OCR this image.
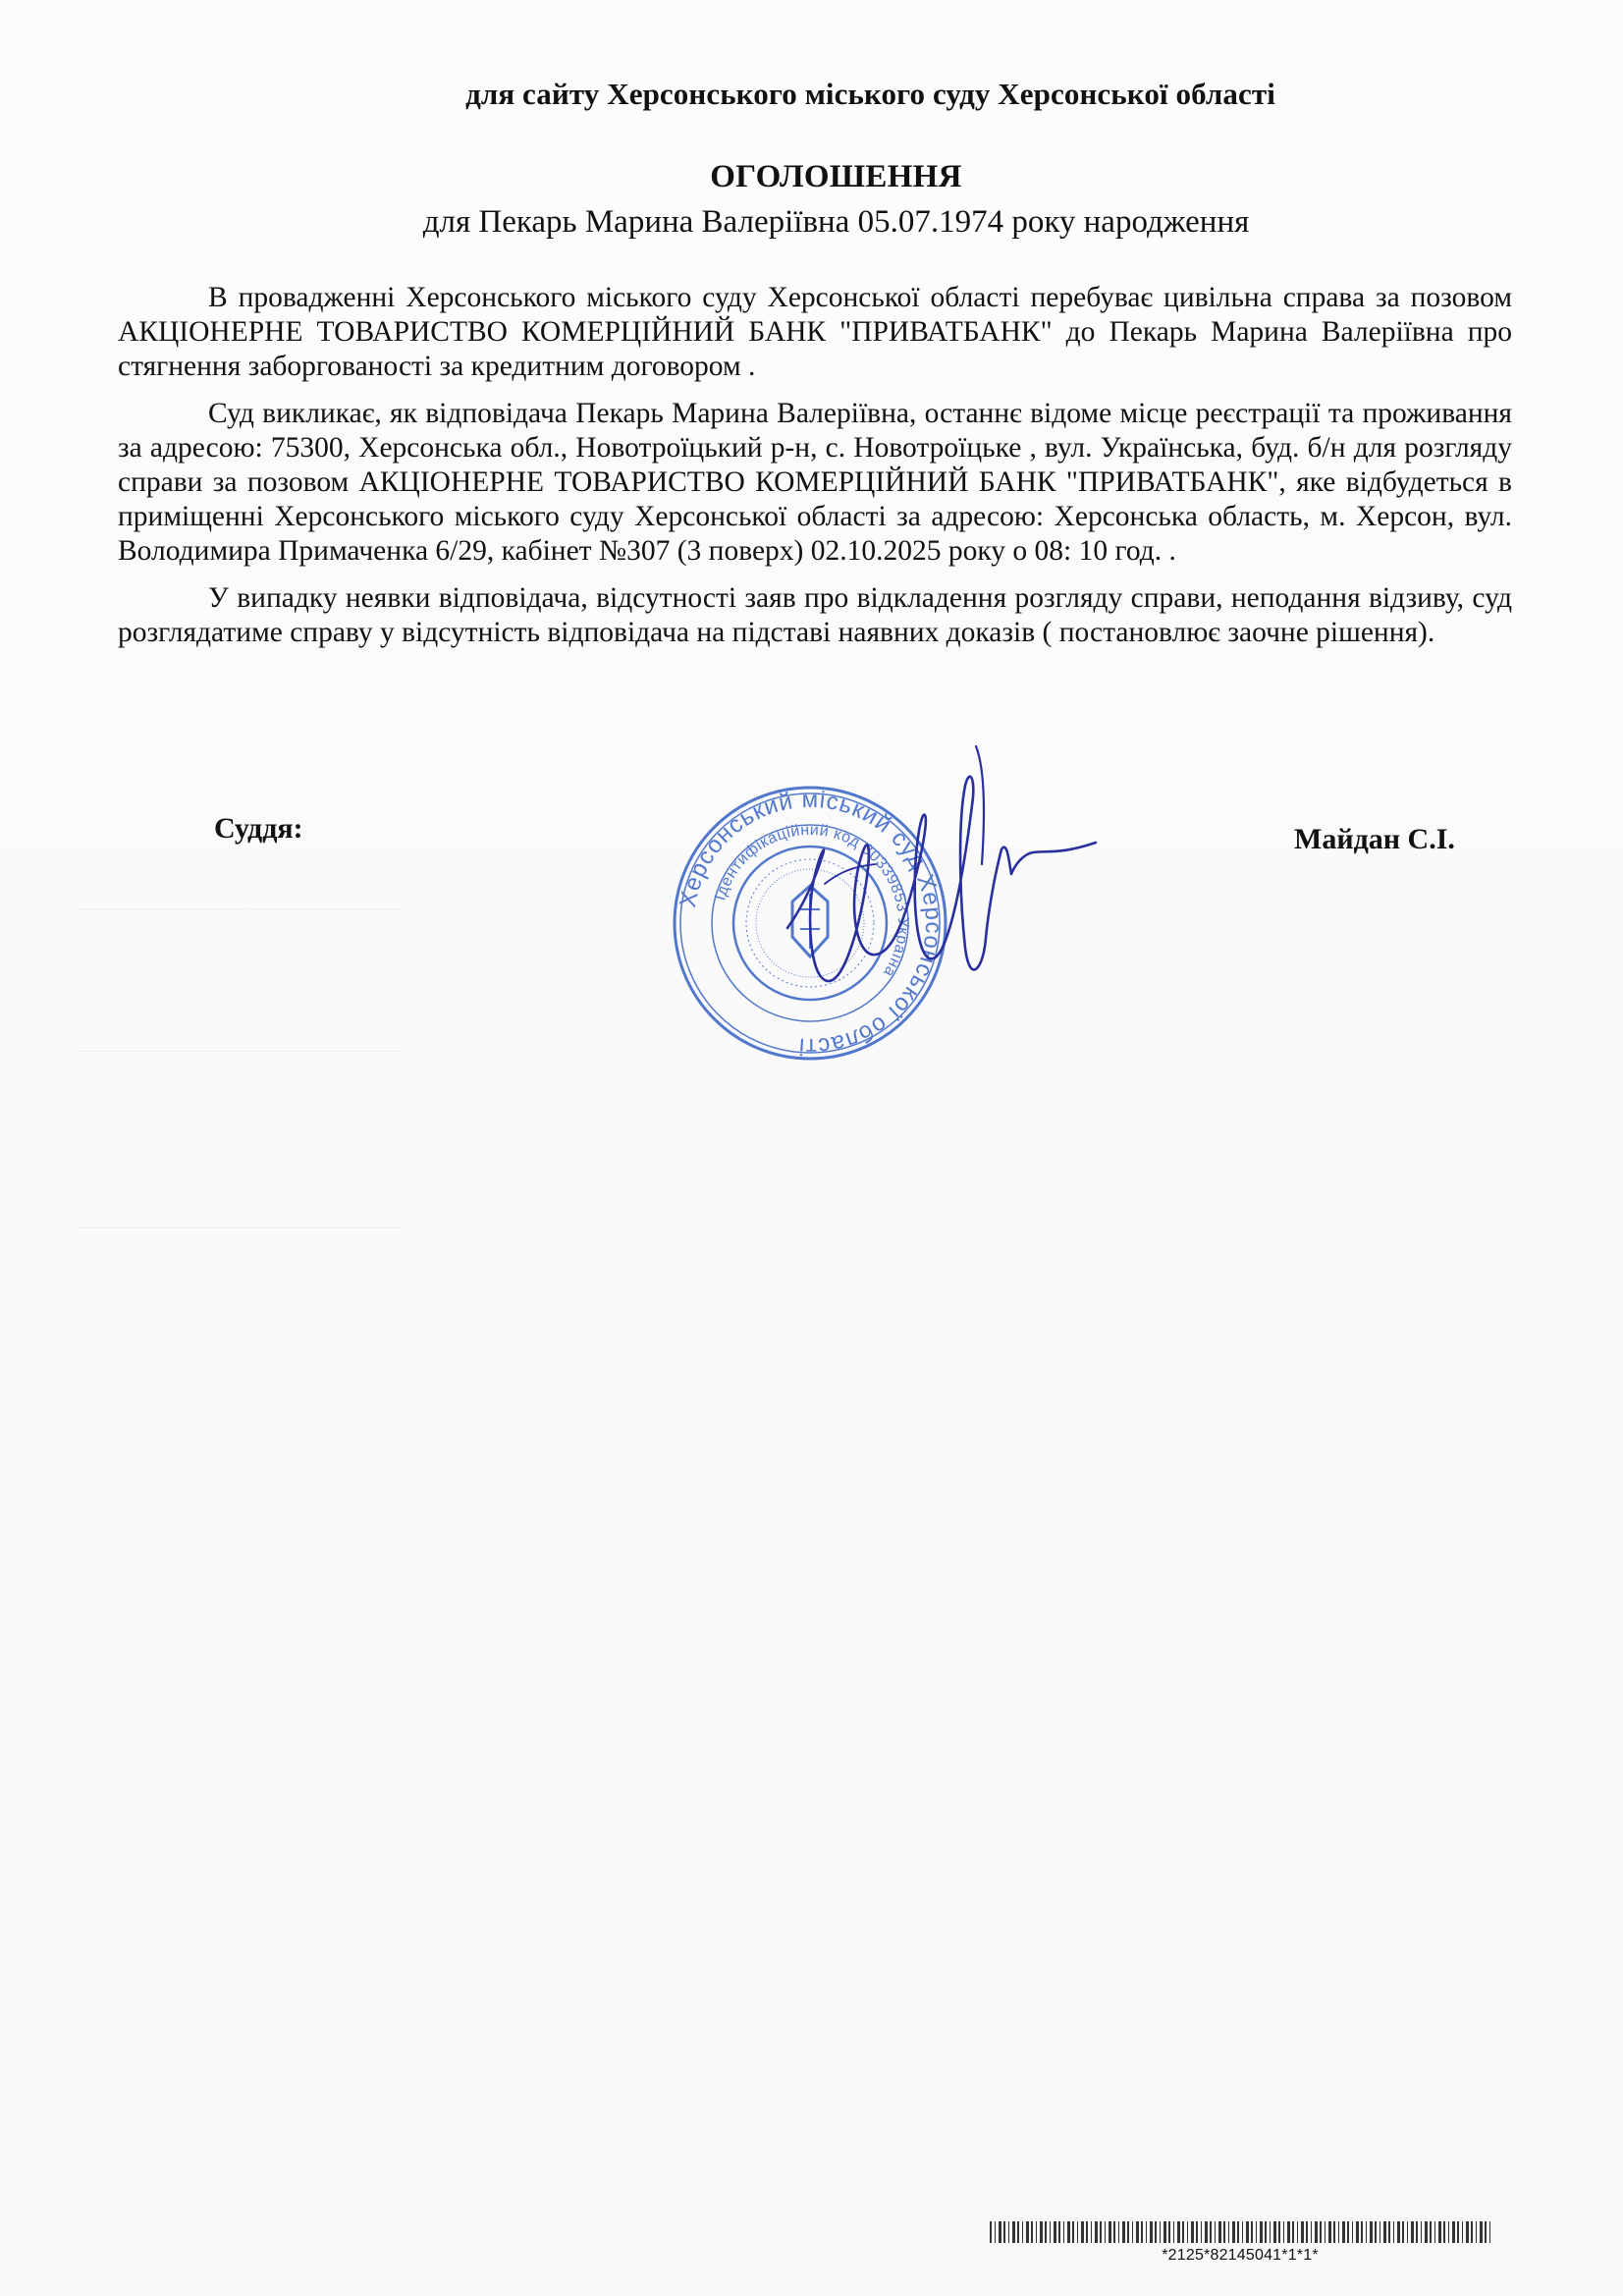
для сайту Херсонського міського суду Херсонської області
ОГОЛОШЕННЯ
для Пекарь Марина Валеріївна 05.07.1974 року народження

В провадженні Херсонського міського суду Херсонської області перебуває цивільна справа за позовом АКЦІОНЕРНЕ ТОВАРИСТВО КОМЕРЦІЙНИЙ БАНК "ПРИВАТБАНК" до Пекарь Марина Валеріївна про стягнення заборгованості за кредитним договором .

Суд викликає, як відповідача Пекарь Марина Валеріївна, останнє відоме місце реєстрації та проживання за адресою: 75300, Херсонська обл., Новотроїцький р-н, с. Новотроїцьке , вул. Українська, буд. б/н для розгляду справи за позовом АКЦІОНЕРНЕ ТОВАРИСТВО КОМЕРЦІЙНИЙ БАНК "ПРИВАТБАНК", яке відбудеться в приміщенні Херсонського міського суду Херсонської області за адресою: Херсонська область, м. Херсон, вул. Володимира Примаченка 6/29, кабінет №307 (3 поверх) 02.10.2025 року о 08: 10 год. .

У випадку неявки відповідача, відсутності заяв про відкладення розгляду справи, неподання відзиву, суд розглядатиме справу у відсутність відповідача на підставі наявних доказів ( постановлює заочне рішення).

Суддя:	Майдан С.І.
Херсонський міський суд Херсонської області
Ідентифікаційний код 30339853 Україна
*2125*82145041*1*1*
